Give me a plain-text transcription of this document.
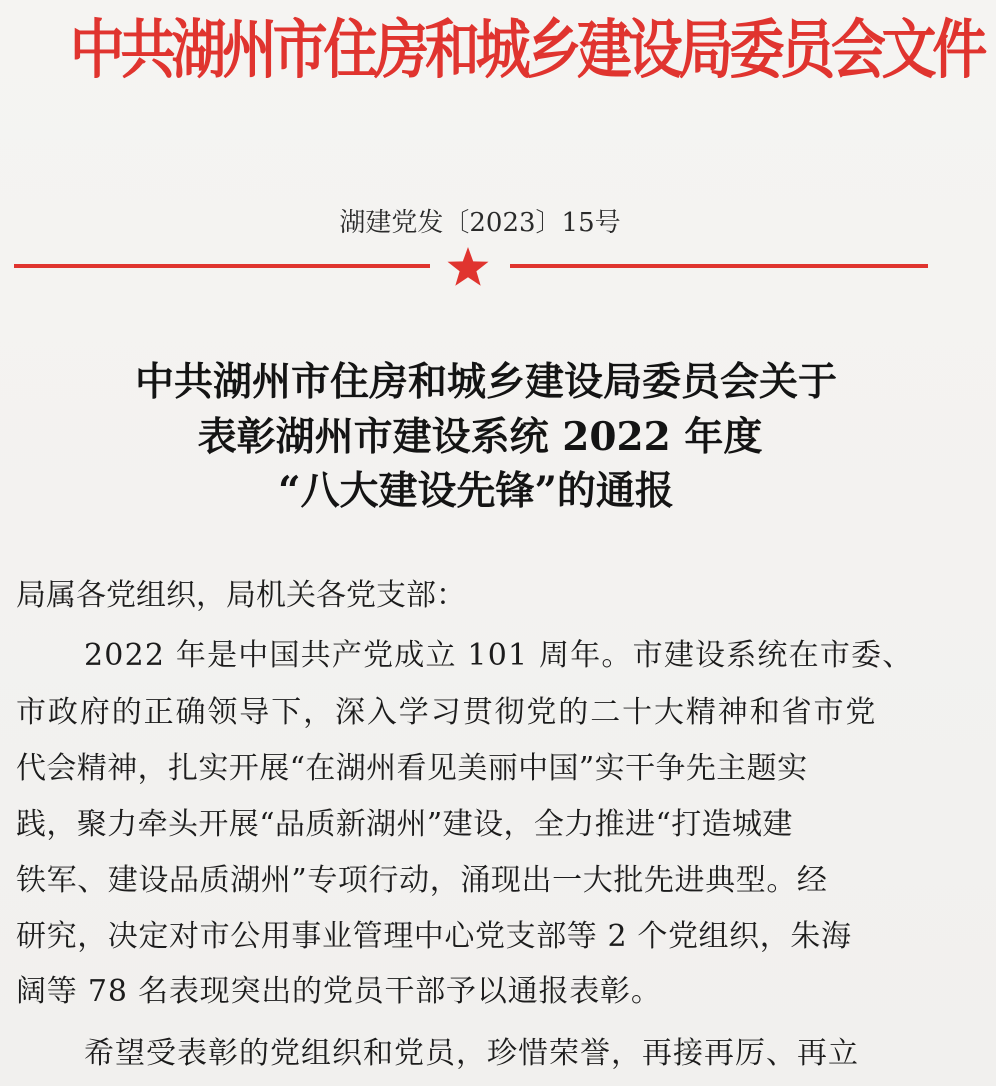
中共湖州市住房和城乡建设局委员会文件
湖建党发〔2023〕15号
中共湖州市住房和城乡建设局委员会关于
表彰湖州市建设系统 2022 年度
“八大建设先锋”的通报
局属各党组织，局机关各党支部：
2022 年是中国共产党成立 101 周年。市建设系统在市委、
市政府的正确领导下，深入学习贯彻党的二十大精神和省市党
代会精神，扎实开展“在湖州看见美丽中国”实干争先主题实
践，聚力牵头开展“品质新湖州”建设，全力推进“打造城建
铁军、建设品质湖州”专项行动，涌现出一大批先进典型。经
研究，决定对市公用事业管理中心党支部等 2 个党组织，朱海
阔等 78 名表现突出的党员干部予以通报表彰。
希望受表彰的党组织和党员，珍惜荣誉，再接再厉、再立
